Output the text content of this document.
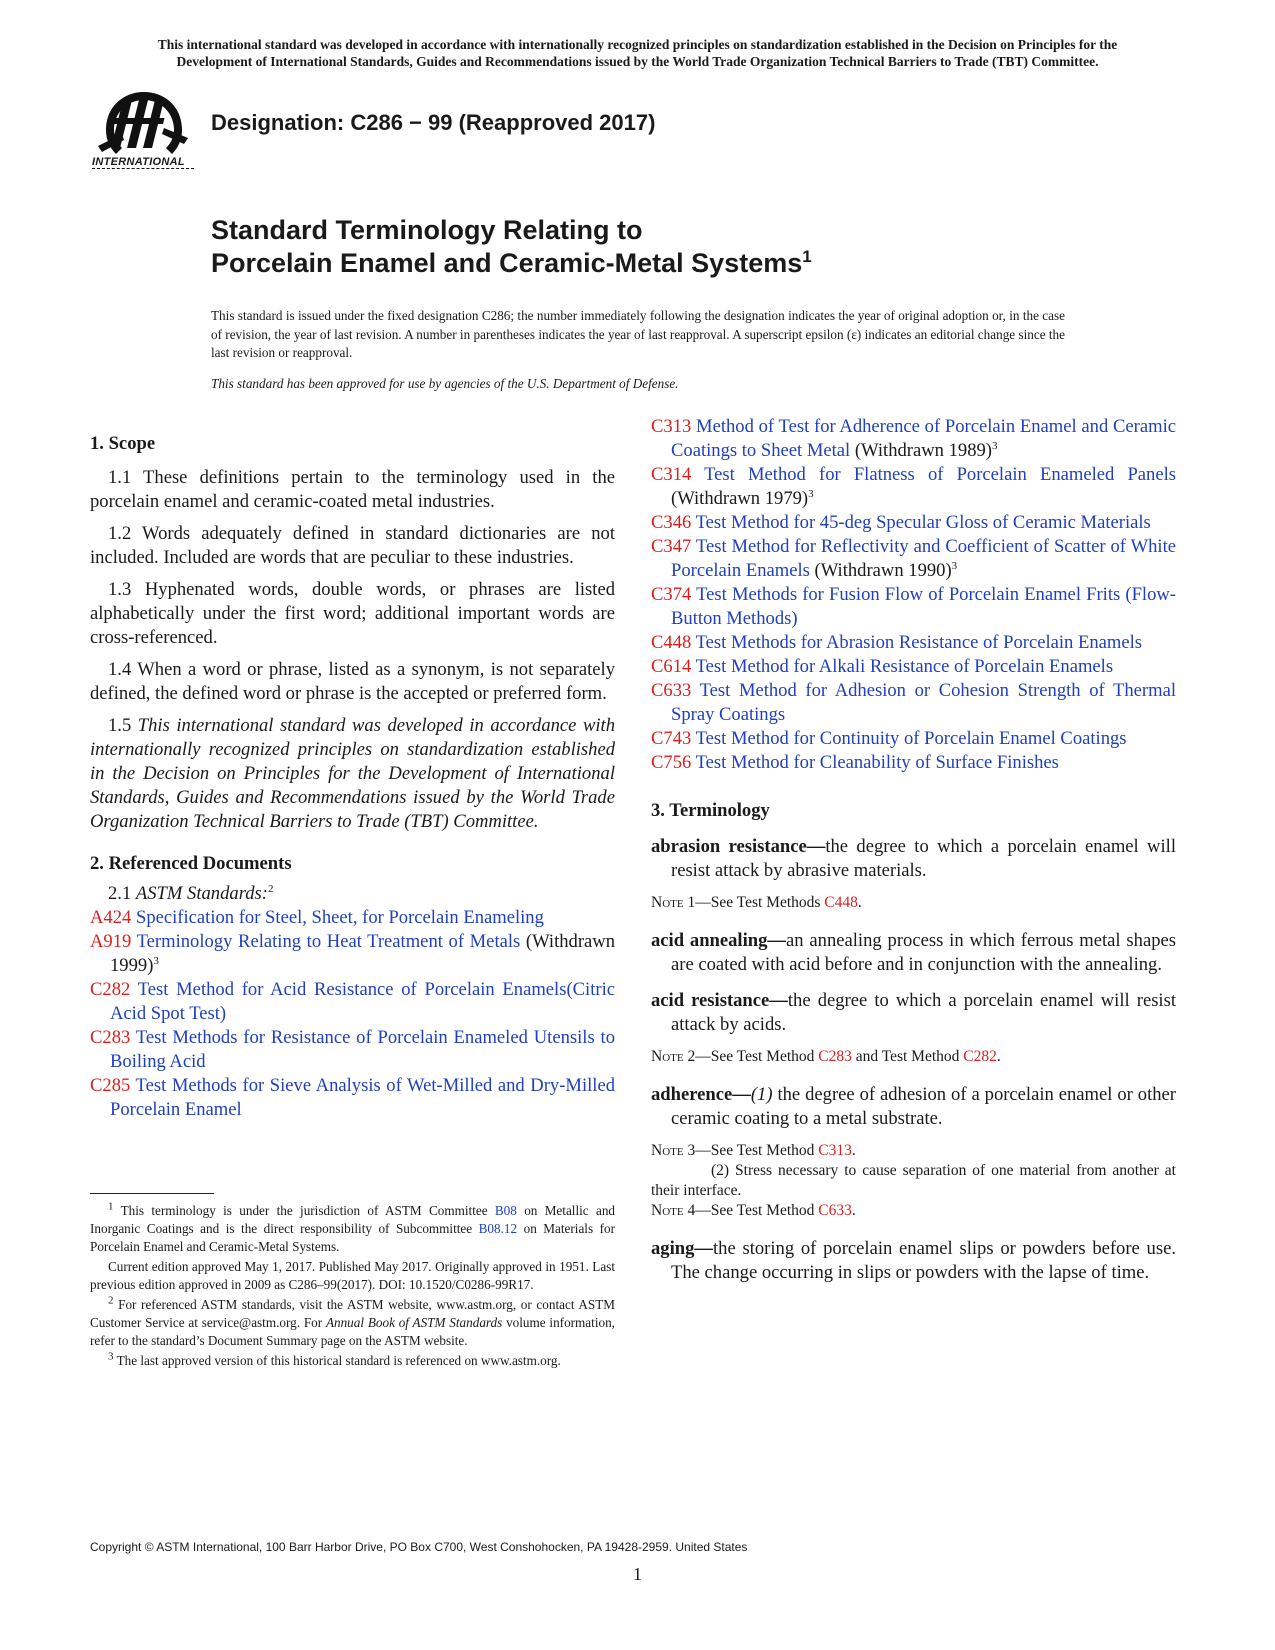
This international standard was developed in accordance with internationally recognized principles on standardization established in the Decision on Principles for the
Development of International Standards, Guides and Recommendations issued by the World Trade Organization Technical Barriers to Trade (TBT) Committee.
INTERNATIONAL
Designation: C286 − 99 (Reapproved 2017)
Standard Terminology Relating to
Porcelain Enamel and Ceramic-Metal Systems$^1$
This standard is issued under the fixed designation C286; the number immediately following the designation indicates the year of original adoption or, in the case of revision, the year of last revision. A number in parentheses indicates the year of last reapproval. A superscript epsilon (ε) indicates an editorial change since the last revision or reapproval.
This standard has been approved for use by agencies of the U.S. Department of Defense.
1. Scope

1.1 These definitions pertain to the terminology used in the porcelain enamel and ceramic-coated metal industries.

1.2 Words adequately defined in standard dictionaries are not included. Included are words that are peculiar to these industries.

1.3 Hyphenated words, double words, or phrases are listed alphabetically under the first word; additional important words are cross-referenced.

1.4 When a word or phrase, listed as a synonym, is not separately defined, the defined word or phrase is the accepted or preferred form.

1.5 This international standard was developed in accordance with internationally recognized principles on standardization established in the Decision on Principles for the Development of International Standards, Guides and Recommendations issued by the World Trade Organization Technical Barriers to Trade (TBT) Committee.

2. Referenced Documents
2.1 ASTM Standards:$^2$
A424 Specification for Steel, Sheet, for Porcelain Enameling
A919 Terminology Relating to Heat Treatment of Metals (Withdrawn 1999)$^3$
C282 Test Method for Acid Resistance of Porcelain Enamels(Citric Acid Spot Test)
C283 Test Methods for Resistance of Porcelain Enameled Utensils to Boiling Acid
C285 Test Methods for Sieve Analysis of Wet-Milled and Dry-Milled Porcelain Enamel
C313 Method of Test for Adherence of Porcelain Enamel and Ceramic Coatings to Sheet Metal (Withdrawn 1989)$^3$
C314 Test Method for Flatness of Porcelain Enameled Panels (Withdrawn 1979)$^3$
C346 Test Method for 45-deg Specular Gloss of Ceramic Materials
C347 Test Method for Reflectivity and Coefficient of Scatter of White Porcelain Enamels (Withdrawn 1990)$^3$
C374 Test Methods for Fusion Flow of Porcelain Enamel Frits (Flow-Button Methods)
C448 Test Methods for Abrasion Resistance of Porcelain Enamels
C614 Test Method for Alkali Resistance of Porcelain Enamels
C633 Test Method for Adhesion or Cohesion Strength of Thermal Spray Coatings
C743 Test Method for Continuity of Porcelain Enamel Coatings
C756 Test Method for Cleanability of Surface Finishes
3. Terminology
abrasion resistance—the degree to which a porcelain enamel will resist attack by abrasive materials.
Note 1—See Test Methods C448.
acid annealing—an annealing process in which ferrous metal shapes are coated with acid before and in conjunction with the annealing.
acid resistance—the degree to which a porcelain enamel will resist attack by acids.
Note 2—See Test Method C283 and Test Method C282.
adherence—(1) the degree of adhesion of a porcelain enamel or other ceramic coating to a metal substrate.
Note 3—See Test Method C313.
(2) Stress necessary to cause separation of one material from another at their interface.
Note 4—See Test Method C633.
aging—the storing of porcelain enamel slips or powders before use. The change occurring in slips or powders with the lapse of time.

$^1$ This terminology is under the jurisdiction of ASTM Committee B08 on Metallic and Inorganic Coatings and is the direct responsibility of Subcommittee B08.12 on Materials for Porcelain Enamel and Ceramic-Metal Systems.

Current edition approved May 1, 2017. Published May 2017. Originally approved in 1951. Last previous edition approved in 2009 as C286–99(2017). DOI: 10.1520/C0286-99R17.

$^2$ For referenced ASTM standards, visit the ASTM website, www.astm.org, or contact ASTM Customer Service at service@astm.org. For Annual Book of ASTM Standards volume information, refer to the standard’s Document Summary page on the ASTM website.

$^3$ The last approved version of this historical standard is referenced on www.astm.org.

Copyright © ASTM International, 100 Barr Harbor Drive, PO Box C700, West Conshohocken, PA 19428-2959. United States
1
